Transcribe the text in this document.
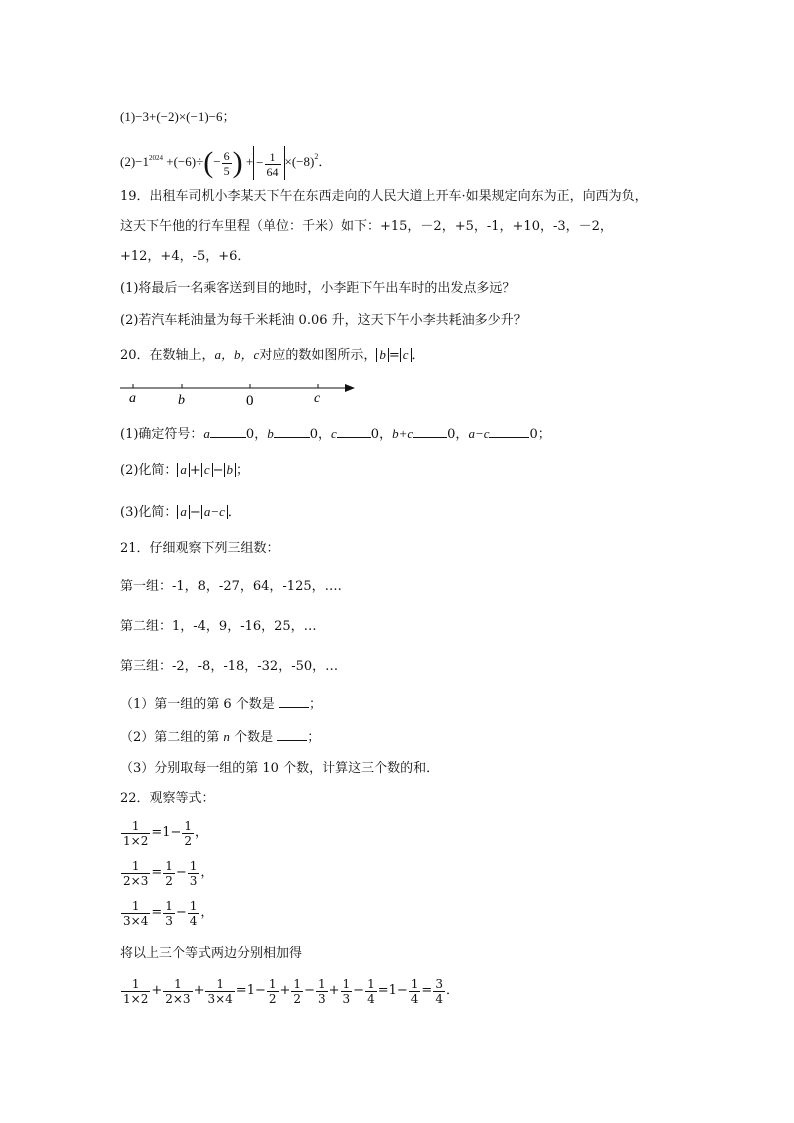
(1)−3+(−2)×(−1)−6；
$(2)-1^{2024} +(-6)\div(- \frac{6}{5}$ ) + − $\frac{1}{64} \times(-8)^2$．
19．出租车司机小李某天下午在东西走向的人民大道上开车·如果规定向东为正，向西为负，
这天下午他的行车里程（单位：千米）如下：+15，－2，+5，-1，+10，-3，－2，
+12，+4，-5，+6．
(1)将最后一名乘客送到目的地时，小李距下午出车时的出发点多远？
(2)若汽车耗油量为每千米耗油 0.06 升，这天下午小李共耗油多少升？
20．在数轴上，a，b，c对应的数如图所示， b = c ．
a	b	0	c
(1)确定符号：a	0，b	0，c	0，b+c	0，a−c	0；
(2)化简： a + c − b ；
(3)化简： a − a−c ．
21．仔细观察下列三组数：
第一组：-1，8，-27，64，-125，….
第二组：1，-4，9，-16，25，…
第三组：-2，-8，-18，-32，-50，…
（1）第一组的第 6 个数是	；
（2）第二组的第 n 个数是	；
（3）分别取每一组的第 10 个数，计算这三个数的和．
22．观察等式：
$\frac{1}{1\times 2} =1- \frac{1}{2}$ ，
$\frac{1}{2\times 3} = \frac{1}{2} - \frac{1}{3}$ ，
$\frac{1}{3\times 4} = \frac{1}{3} - \frac{1}{4}$ ，
将以上三个等式两边分别相加得
$\frac{1}{1\times 2} + \frac{1}{2\times 3} + \frac{1}{3\times 4} =1- \frac{1}{2} + \frac{1}{2} - \frac{1}{3} + \frac{1}{3} - \frac{1}{4} =1- \frac{1}{4} = \frac{3}{4}$ ．
